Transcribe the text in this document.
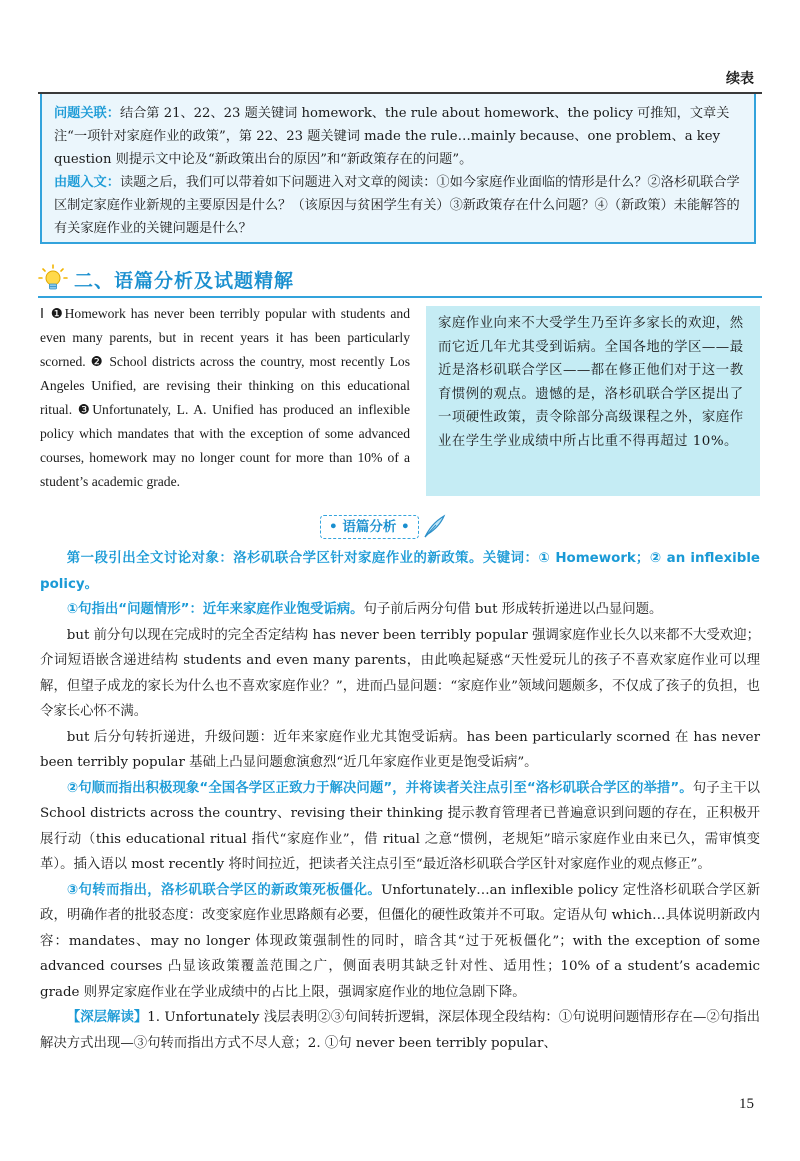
续表
问题关联：结合第 21、22、23 题关键词 homework、the rule about homework、the policy 可推知，文章关注“一项针对家庭作业的政策”，第 22、23 题关键词 made the rule…mainly because、one problem、a key question 则提示文中论及“新政策出台的原因”和“新政策存在的问题”。
由题入文：读题之后，我们可以带着如下问题进入对文章的阅读：①如今家庭作业面临的情形是什么？②洛杉矶联合学区制定家庭作业新规的主要原因是什么？（该原因与贫困学生有关）③新政策存在什么问题？④（新政策）未能解答的有关家庭作业的关键问题是什么？
二、语篇分析及试题精解
Ⅰ ❶Homework has never been terribly popular with students and even many parents, but in recent years it has been particularly scorned. ❷ School districts across the country, most recently Los Angeles Unified, are revising their thinking on this educational ritual. ❸Unfortunately, L. A. Unified has produced an inflexible policy which mandates that with the exception of some advanced courses, homework may no longer count for more than 10% of a student’s academic grade.
家庭作业向来不大受学生乃至许多家长的欢迎，然而它近几年尤其受到诟病。全国各地的学区——最近是洛杉矶联合学区——都在修正他们对于这一教育惯例的观点。遗憾的是，洛杉矶联合学区提出了一项硬性政策，责令除部分高级课程之外，家庭作业在学生学业成绩中所占比重不得再超过 10%。
• 语篇分析 •

第一段引出全文讨论对象：洛杉矶联合学区针对家庭作业的新政策。关键词：① Homework；② an inflexible policy。

①句指出“问题情形”：近年来家庭作业饱受诟病。句子前后两分句借 but 形成转折递进以凸显问题。

but 前分句以现在完成时的完全否定结构 has never been terribly popular 强调家庭作业长久以来都不大受欢迎；介词短语嵌含递进结构 students and even many parents，由此唤起疑惑“天性爱玩儿的孩子不喜欢家庭作业可以理解，但望子成龙的家长为什么也不喜欢家庭作业？”，进而凸显问题：“家庭作业”领域问题颇多，不仅成了孩子的负担，也令家长心怀不满。

but 后分句转折递进，升级问题：近年来家庭作业尤其饱受诟病。has been particularly scorned 在 has never been terribly popular 基础上凸显问题愈演愈烈“近几年家庭作业更是饱受诟病”。

②句顺而指出积极现象“全国各学区正致力于解决问题”，并将读者关注点引至“洛杉矶联合学区的举措”。句子主干以 School districts across the country、revising their thinking 提示教育管理者已普遍意识到问题的存在，正积极开展行动（this educational ritual 指代“家庭作业”，借 ritual 之意“惯例，老规矩”暗示家庭作业由来已久，需审慎变革）。插入语以 most recently 将时间拉近，把读者关注点引至“最近洛杉矶联合学区针对家庭作业的观点修正”。

③句转而指出，洛杉矶联合学区的新政策死板僵化。Unfortunately…an inflexible policy 定性洛杉矶联合学区新政，明确作者的批驳态度：改变家庭作业思路颇有必要，但僵化的硬性政策并不可取。定语从句 which…具体说明新政内容：mandates、may no longer 体现政策强制性的同时，暗含其“过于死板僵化”；with the exception of some advanced courses 凸显该政策覆盖范围之广，侧面表明其缺乏针对性、适用性；10% of a student’s academic grade 则界定家庭作业在学业成绩中的占比上限，强调家庭作业的地位急剧下降。

【深层解读】1. Unfortunately 浅层表明②③句间转折逻辑，深层体现全段结构：①句说明问题情形存在—②句指出解决方式出现—③句转而指出方式不尽人意；2. ①句 never been terribly popular、

15
